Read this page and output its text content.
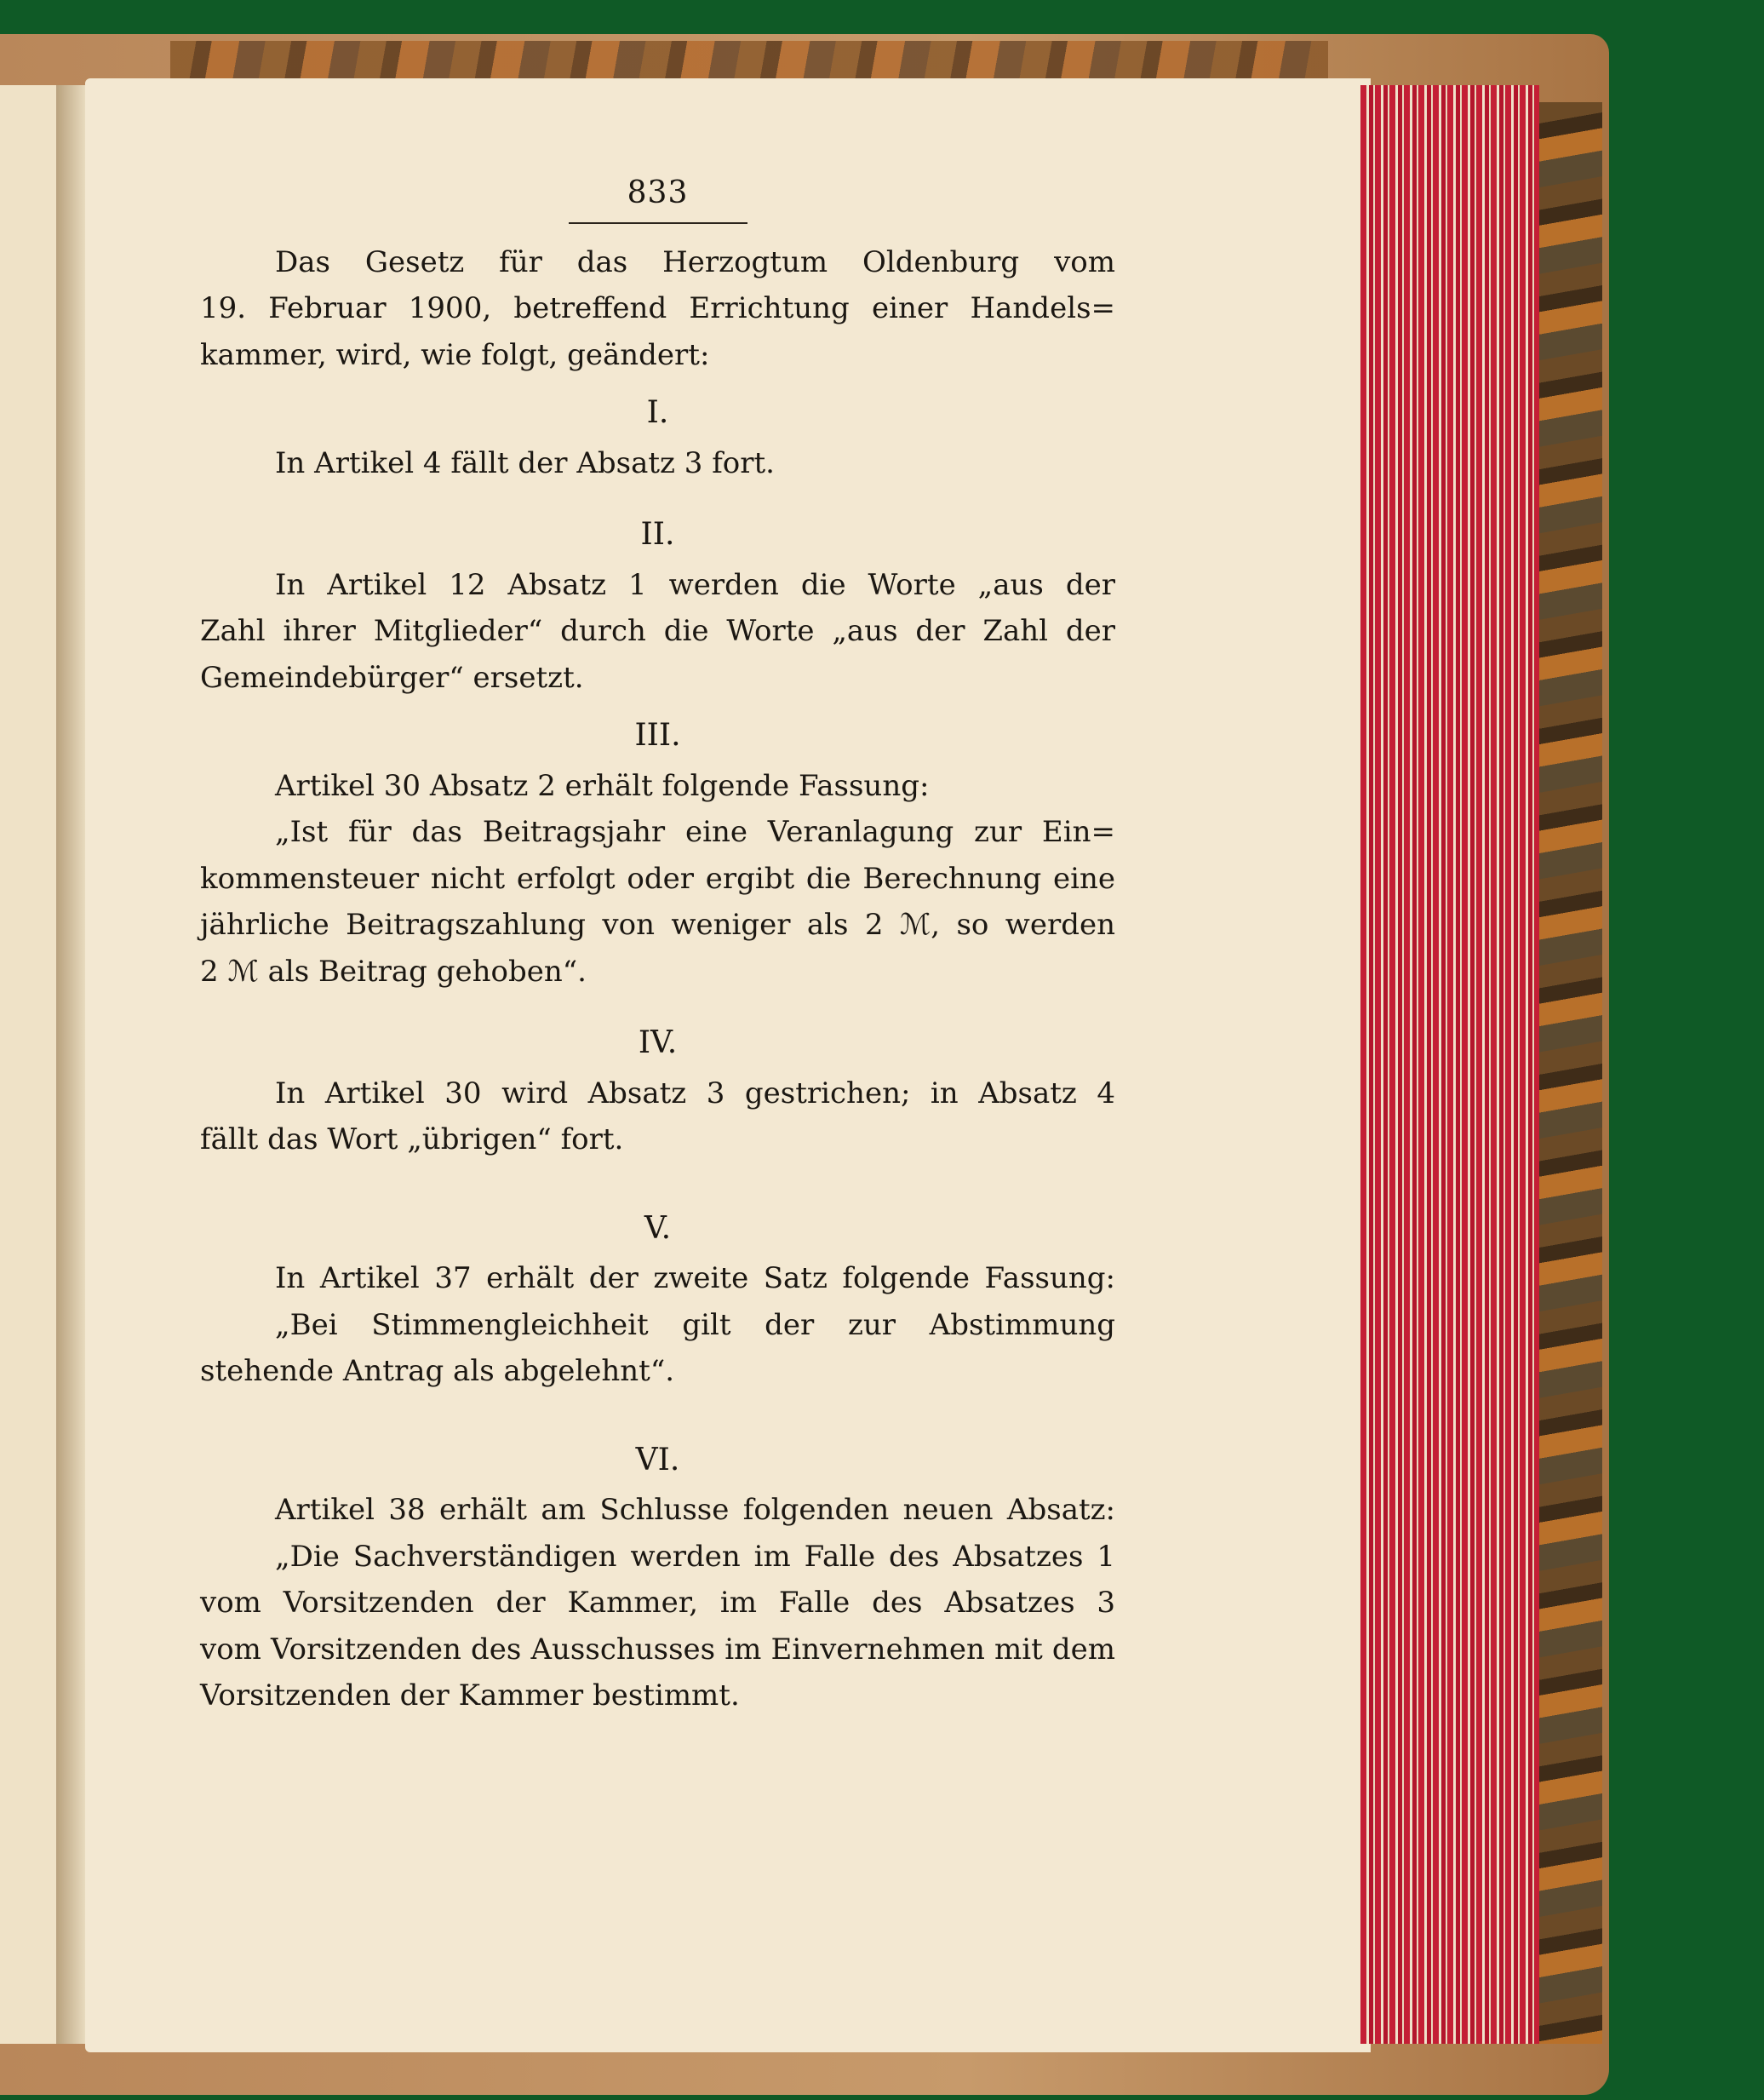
833
Das Gesetz für das Herzogtum Oldenburg vom
19. Februar 1900, betreffend Errichtung einer Handels=
kammer, wird, wie folgt, geändert:
I.
In Artikel 4 fällt der Absatz 3 fort.
II.
In Artikel 12 Absatz 1 werden die Worte „aus der
Zahl ihrer Mitglieder“ durch die Worte „aus der Zahl der
Gemeindebürger“ ersetzt.
III.
Artikel 30 Absatz 2 erhält folgende Fassung:
„Ist für das Beitragsjahr eine Veranlagung zur Ein=
kommensteuer nicht erfolgt oder ergibt die Berechnung eine
jährliche Beitragszahlung von weniger als 2 ℳ, so werden
2 ℳ als Beitrag gehoben“.
IV.
In Artikel 30 wird Absatz 3 gestrichen; in Absatz 4
fällt das Wort „übrigen“ fort.
V.
In Artikel 37 erhält der zweite Satz folgende Fassung:
„Bei Stimmengleichheit gilt der zur Abstimmung
stehende Antrag als abgelehnt“.
VI.
Artikel 38 erhält am Schlusse folgenden neuen Absatz:
„Die Sachverständigen werden im Falle des Absatzes 1
vom Vorsitzenden der Kammer, im Falle des Absatzes 3
vom Vorsitzenden des Ausschusses im Einvernehmen mit dem
Vorsitzenden der Kammer bestimmt.
